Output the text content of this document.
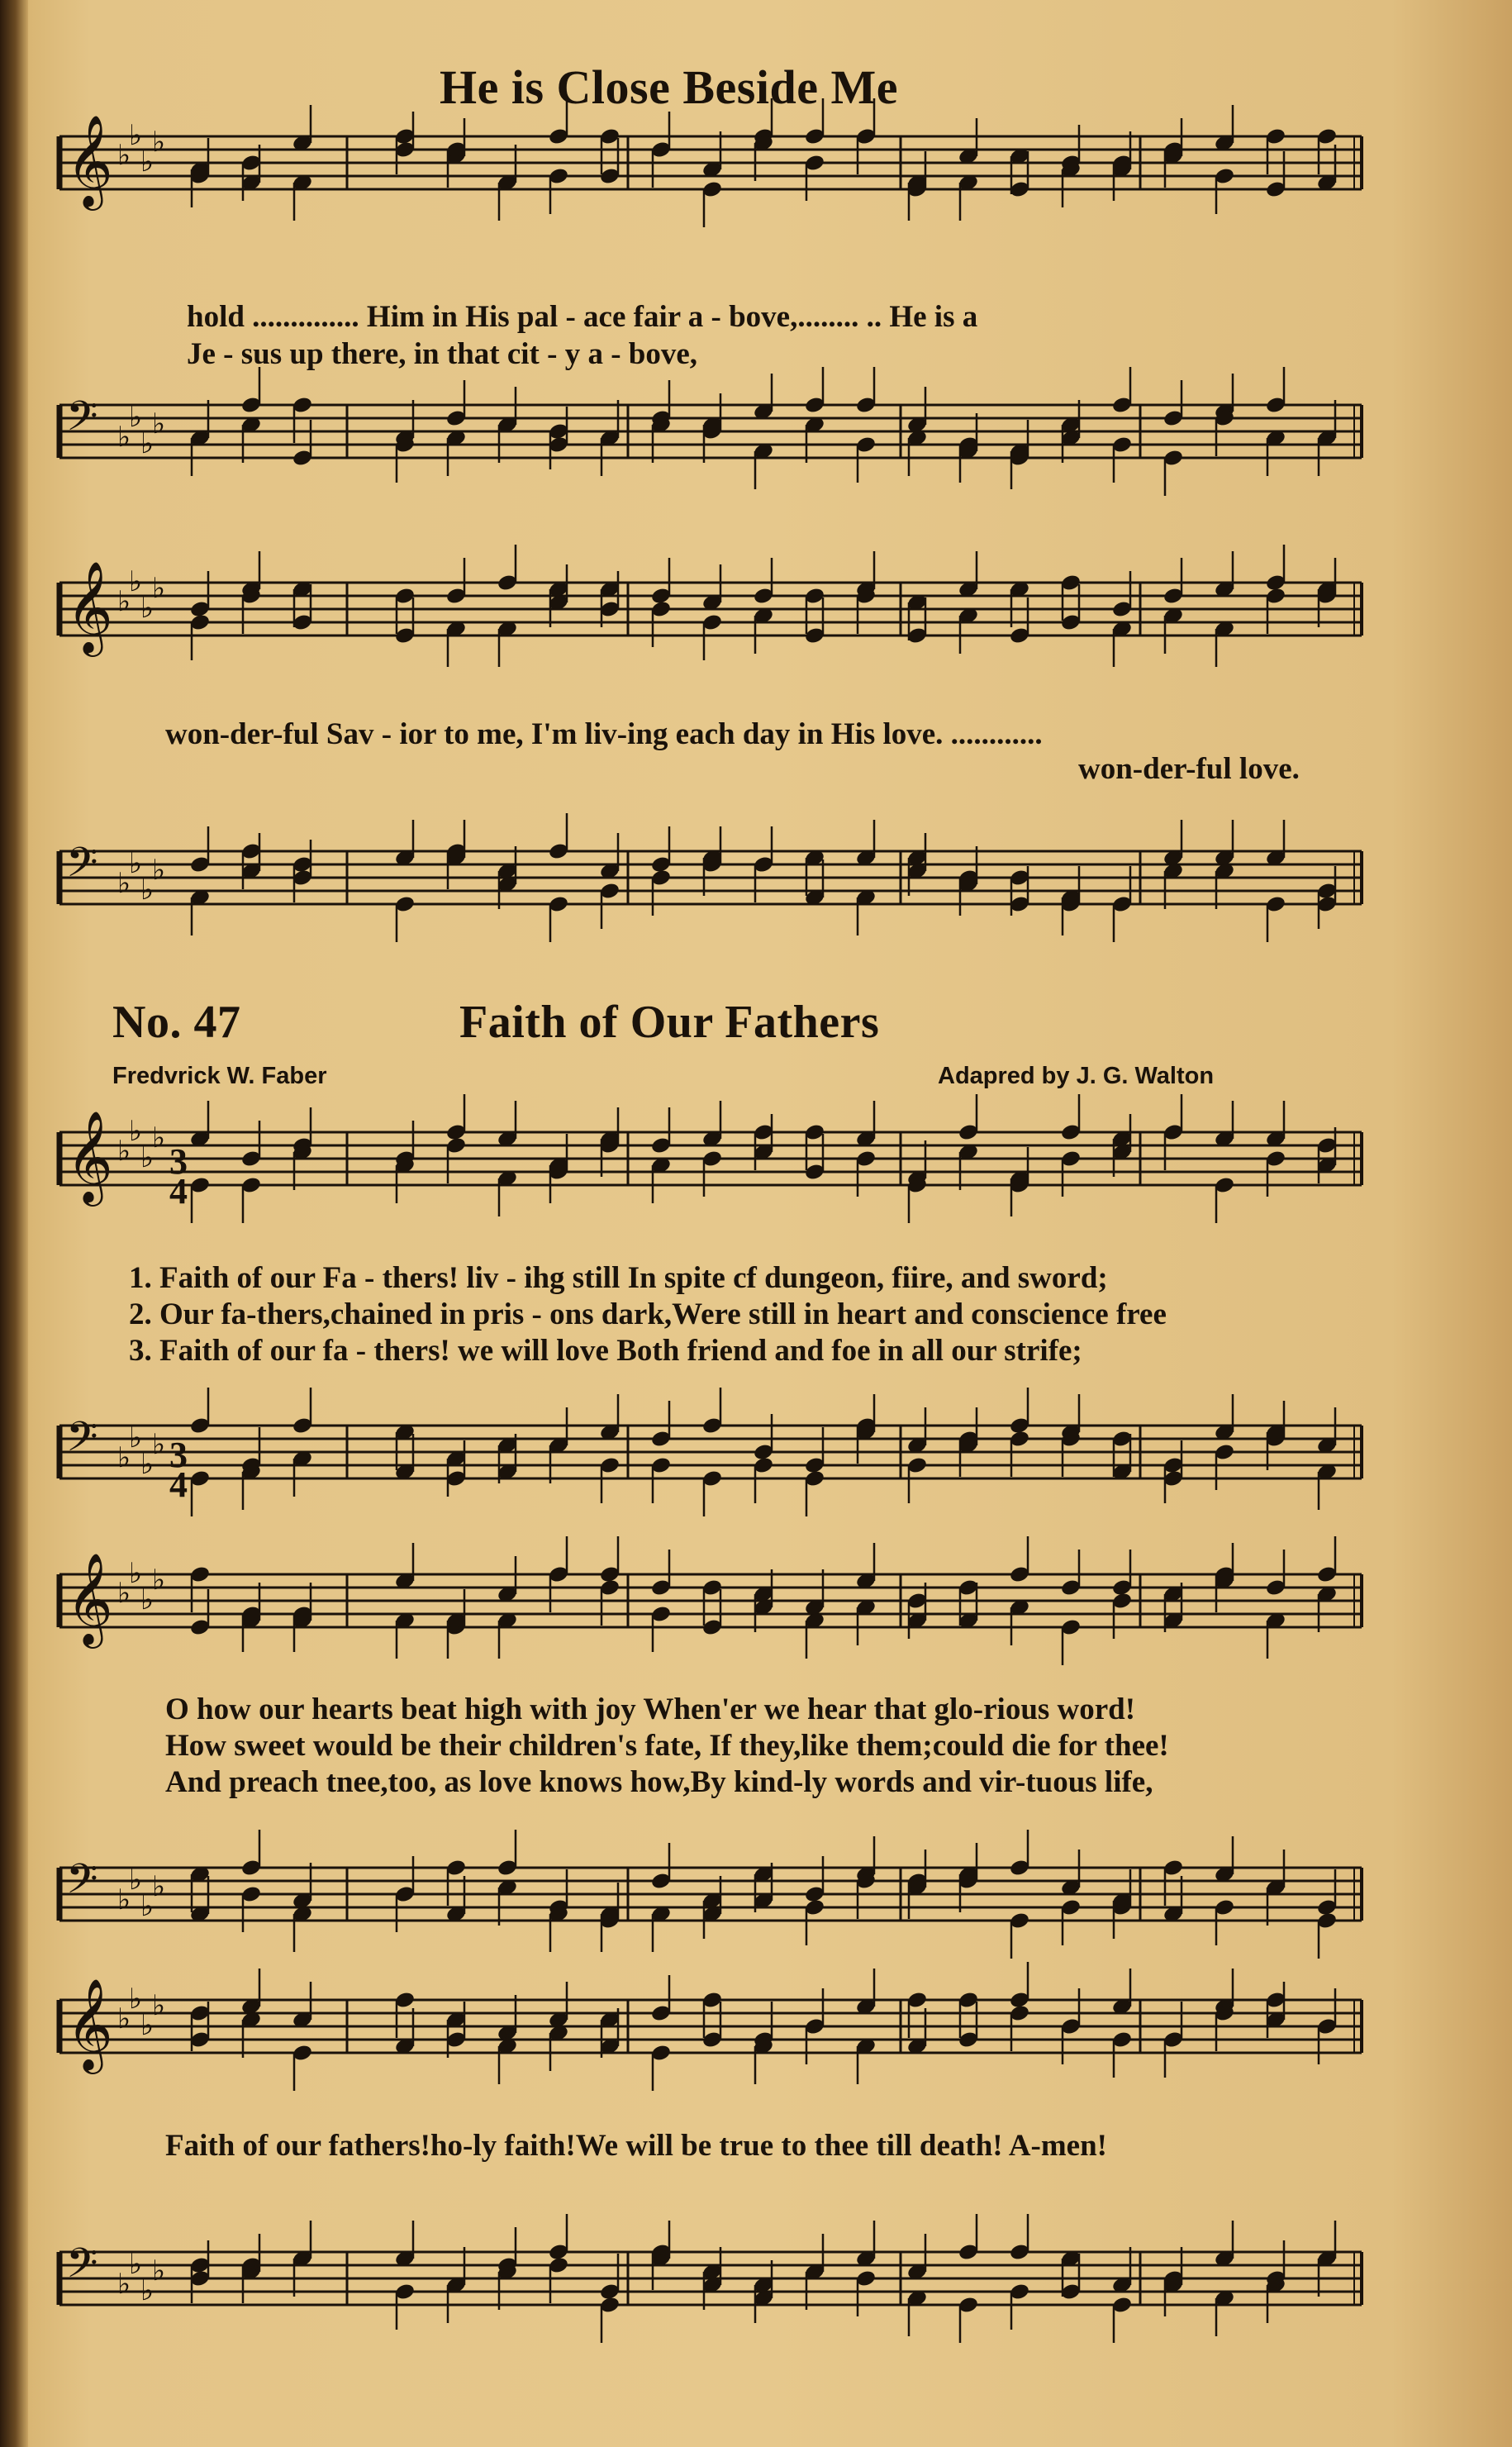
He is Close Beside Me
𝄞 ♭
♭
♭
♭
𝄢 ♭
♭
♭
♭
hold .............. Him in His pal - ace fair a - bove,........ .. He is a
Je - sus up there, in that cit - y a - bove,
𝄞 ♭
♭
♭
♭
won-der-ful Sav - ior to me, I'm liv-ing each day in His love. ............
won-der-ful love.
𝄢 ♭
♭
♭
♭
No. 47	Faith of Our Fathers
Fredvrick W. Faber	Adapred by J. G. Walton
𝄞 ♭
♭
♭
♭
1. Faith of our Fa - thers! liv - ihg still In spite cf dungeon, fiire, and sword;
2. Our fa-thers,chained in pris - ons dark,Were still in heart and conscience free
3. Faith of our fa - thers! we will love Both friend and foe in all our strife;
𝄢 ♭
♭
♭
♭
𝄞 ♭
♭
♭
♭
O how our hearts beat high with joy When'er we hear that glo-rious word!
How sweet would be their children's fate, If they,like them;could die for thee!
And preach tnee,too, as love knows how,By kind-ly words and vir-tuous life,
𝄢 ♭
♭
♭
♭
𝄞 ♭
♭
♭
♭
Faith of our fathers!ho-ly faith!We will be true to thee till death! A-men!
𝄢 ♭
♭
♭
♭
3
4
3
4
